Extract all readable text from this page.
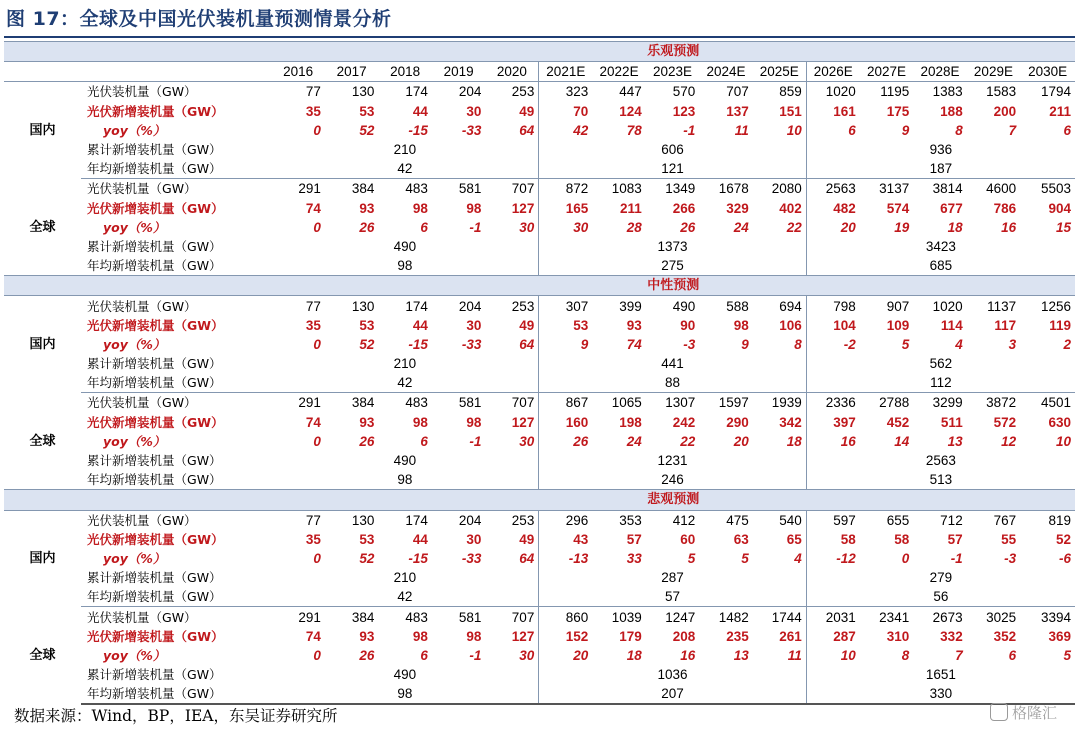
图 17：全球及中国光伏装机量预测情景分析
		乐观预测														
		2016	2017	2018	2019	2020	2021E	2022E	2023E	2024E	2025E	2026E	2027E	2028E	2029E	2030E
国内	光伏装机量（GW）	77	130	174	204	253	323	447	570	707	859	1020	1195	1383	1583	1794
	光伏新增装机量（GW）	35	53	44	30	49	70	124	123	137	151	161	175	188	200	211
	yoy（%）	0	52	-15	-33	64	42	78	-1	11	10	6	9	8	7	6
	累计新增装机量（GW）	210					606					936				
	年均新增装机量（GW）	42					121					187				
全球	光伏装机量（GW）	291	384	483	581	707	872	1083	1349	1678	2080	2563	3137	3814	4600	5503
	光伏新增装机量（GW）	74	93	98	98	127	165	211	266	329	402	482	574	677	786	904
	yoy（%）	0	26	6	-1	30	30	28	26	24	22	20	19	18	16	15
	累计新增装机量（GW）	490					1373					3423				
	年均新增装机量（GW）	98					275					685				
		中性预测														
国内	光伏装机量（GW）	77	130	174	204	253	307	399	490	588	694	798	907	1020	1137	1256
	光伏新增装机量（GW）	35	53	44	30	49	53	93	90	98	106	104	109	114	117	119
	yoy（%）	0	52	-15	-33	64	9	74	-3	9	8	-2	5	4	3	2
	累计新增装机量（GW）	210					441					562				
	年均新增装机量（GW）	42					88					112				
全球	光伏装机量（GW）	291	384	483	581	707	867	1065	1307	1597	1939	2336	2788	3299	3872	4501
	光伏新增装机量（GW）	74	93	98	98	127	160	198	242	290	342	397	452	511	572	630
	yoy（%）	0	26	6	-1	30	26	24	22	20	18	16	14	13	12	10
	累计新增装机量（GW）	490					1231					2563				
	年均新增装机量（GW）	98					246					513				
		悲观预测														
国内	光伏装机量（GW）	77	130	174	204	253	296	353	412	475	540	597	655	712	767	819
	光伏新增装机量（GW）	35	53	44	30	49	43	57	60	63	65	58	58	57	55	52
	yoy（%）	0	52	-15	-33	64	-13	33	5	5	4	-12	0	-1	-3	-6
	累计新增装机量（GW）	210					287					279				
	年均新增装机量（GW）	42					57					56				
全球	光伏装机量（GW）	291	384	483	581	707	860	1039	1247	1482	1744	2031	2341	2673	3025	3394
	光伏新增装机量（GW）	74	93	98	98	127	152	179	208	235	261	287	310	332	352	369
	yoy（%）	0	26	6	-1	30	20	18	16	13	11	10	8	7	6	5
	累计新增装机量（GW）	490					1036					1651				
	年均新增装机量（GW）	98					207					330				
数据来源：Wind，BP，IEA，东吴证券研究所	格隆汇
